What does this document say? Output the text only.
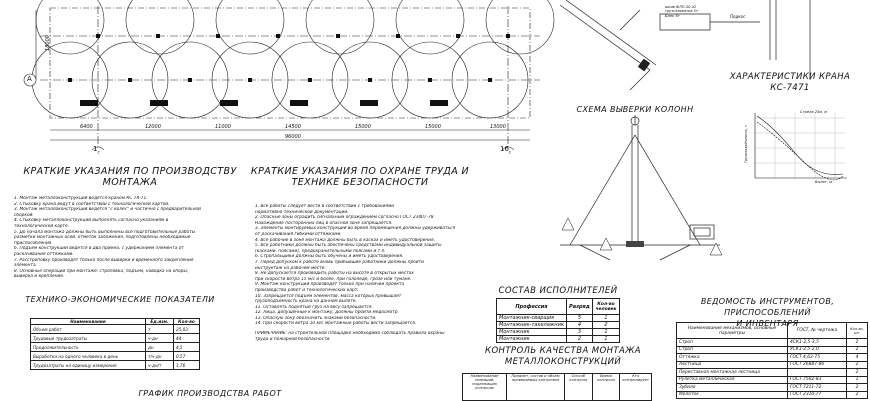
A
$1_с$	$16_с$
6400	12000	11000	14500	15000	15000	13000
96000
18000
шкив ФЛП-50-02
грузозахватка 5т
Бинк 6т	Подкос
ХАРАКТЕРИСТИКИ КРАНА
КС-7471
Стрела 25м, м
Вылет, м
Грузоподъёмность, т
СХЕМА ВЫВЕРКИ КОЛОНН
КРАТКИЕ УКАЗАНИЯ ПО ПРОИЗВОДСТВУ
МОНТАЖА
1. Монтаж металлоконструкций ведется краном КС 74-71.
2. Стыковку крана ведут в соответствии с технологической картой.
3. Монтаж металлоконструкций ведется "с колес" и частично с предварительной
сборкой.
4. Стыковку металлоконструкций выполнять согласно указаниям в
технологической карте.
5. До начала монтажа должны быть выполнены все подготовительные работы
разметки монтажных осей, отметок заложения, подготовлены необходимые
приспособления.
6. Подъем конструкций ведется в два приёма, с удержанием элемента от
раскачивания оттяжками.
7. Расстроповку производят только после выверки и временного закрепления
элемента.
8. Основные операции при монтаже: строповка, подъем, наводка на опоры,
выверка и крепление.
КРАТКИЕ УКАЗАНИЯ ПО ОХРАНЕ ТРУДА И
ТЕХНИКЕ БЕЗОПАСНОСТИ
1. Все работы следует вести в соответствии с требованиями
нормативно-технической документации.
2. Опасные зоны оградить сигнальным ограждением согласно ГОСТ 23407-78.
Нахождение посторонних лиц в опасной зоне запрещается.
3. Элементы монтируемых конструкций во время перемещения должны удерживаться
от раскачивания гибкими оттяжками.
4. Все рабочие в зоне монтажа должны быть в касках и иметь удостоверения.
5. Все работники должны быть обеспечены средствами индивидуальной защиты
(касками, поясами), предохранительными поясами и т.п.
6. Стропальщики должны быть обучены и иметь удостоверения.
7. Перед допуском к работе вновь прибывшие работники должны пройти
инструктаж на рабочем месте.
8. Не допускается производить работы на высоте в открытых местах
при скорости ветра 15 м/с и более, при гололёде, грозе или тумане.
9. Монтаж конструкций производят только при наличии проекта
производства работ и технологических карт.
10. Запрещается подъём элементов, масса которых превышает
грузоподъёмность крана на данном вылете.
11. Оставлять поднятый груз на весу запрещается.
12. Лица, допущенные к монтажу, должны пройти медосмотр.
13. Опасную зону обозначить знаками безопасности.
14. При скорости ветра 10 м/с монтажные работы вести запрещается.
ПРИМЕЧАНИЕ: на строительной площадке необходимо соблюдать правила охраны
труда и пожарной безопасности.
ТЕХНИКО-ЭКОНОМИЧЕСКИЕ ПОКАЗАТЕЛИ
Наименование	Ед.изм.	Кол-во
Объем работ	т	25,03
Трудовые трудозатраты	ч-дн	44
Продолжительность	дн	4,5
Выработка на одного человека в день	т/ч-дн	0,57
Трудозатраты на единицу измерения	ч-дн/т	1,76
ГРАФИК ПРОИЗВОДСТВА РАБОТ
СОСТАВ ИСПОЛНИТЕЛЕЙ
Профессия	Разряд	Кол-во человек
Монтажник-сварщик	5	1
Монтажник-такелажник	4	2
Монтажник	3	1
Монтажник	2	1
КОНТРОЛЬ КАЧЕСТВА МОНТАЖА
МЕТАЛЛОКОНСТРУКЦИЙ
Наименование операций, подлежащих контролю	Предмет, состав и объем проверяемых контролем	Способ контроля	Время контроля	Кто контролирует
ВЕДОМОСТЬ ИНСТРУМЕНТОВ, ПРИСПОСОБЛЕНИЙ
И ИНВЕНТАРЯ
Наименование механизмов, основные параметры	ГОСТ, № чертежа	Кол-во, шт
Строп	4СК1-2,5-3,5	2
Строп	УСК1-2,5-2,0	2
Оттяжка	ГОСТ 4,63-75	4
Лестница	ГОСТ 26887-86	2
Переставная монтажная лестница		2
Рулетка металлическая	ГОСТ 7502-83	1
Зубило	ГОСТ 7211-72	2
Молоток	ГОСТ 2310-77	2
